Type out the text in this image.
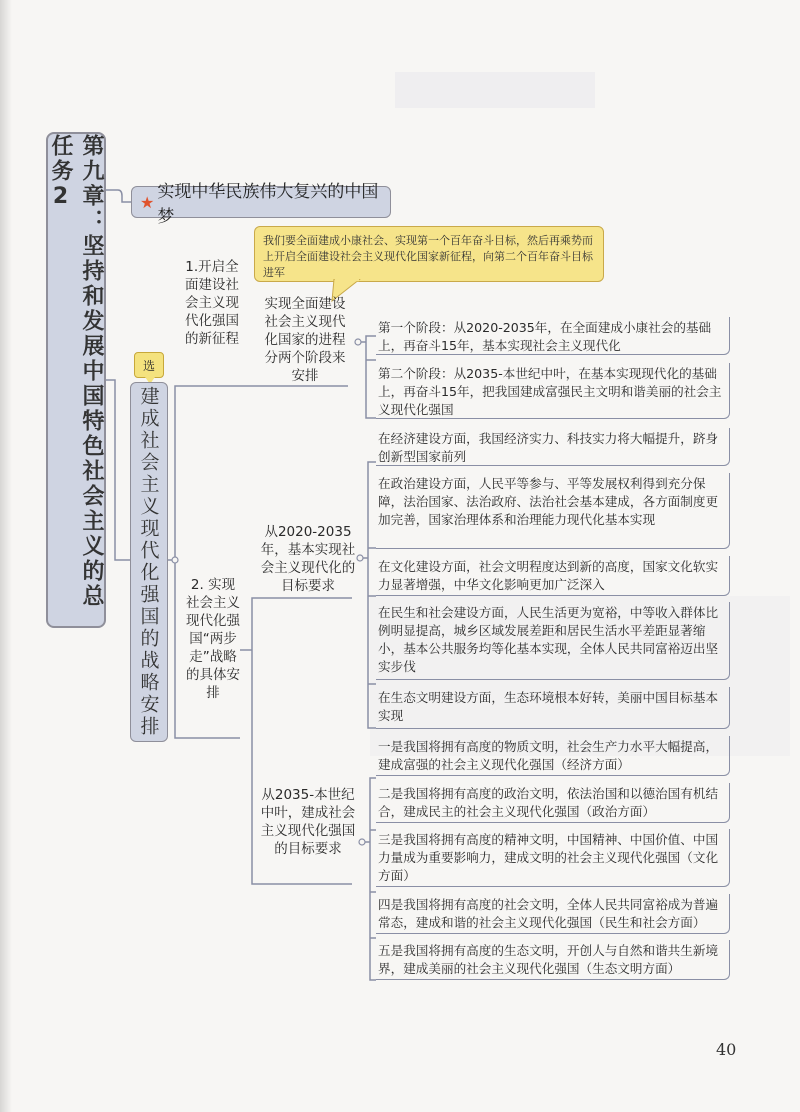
第九章：坚持和发展中国特色社会主义的总任务2	★ 实现中华民族伟大复兴的中国梦
选
建成社会主义现代化强国的战略安排
我们要全面建成小康社会、实现第一个百年奋斗目标，然后再乘势而上开启全面建设社会主义现代化国家新征程，向第二个百年奋斗目标进军
1.开启全面建设社会主义现代化强国的新征程
实现全面建设社会主义现代化国家的进程分两个阶段来安排
第一个阶段：从2020-2035年，在全面建成小康社会的基础上，再奋斗15年，基本实现社会主义现代化
第二个阶段：从2035-本世纪中叶，在基本实现现代化的基础上，再奋斗15年，把我国建成富强民主文明和谐美丽的社会主义现代化强国
2. 实现社会主义现代化强国“两步走”战略的具体安排
从2020-2035年，基本实现社会主义现代化的目标要求
从2035-本世纪中叶，建成社会主义现代化强国的目标要求
在经济建设方面，我国经济实力、科技实力将大幅提升，跻身创新型国家前列
在政治建设方面，人民平等参与、平等发展权利得到充分保障，法治国家、法治政府、法治社会基本建成，各方面制度更加完善，国家治理体系和治理能力现代化基本实现
在文化建设方面，社会文明程度达到新的高度，国家文化软实力显著增强，中华文化影响更加广泛深入
在民生和社会建设方面，人民生活更为宽裕，中等收入群体比例明显提高，城乡区域发展差距和居民生活水平差距显著缩小，基本公共服务均等化基本实现，全体人民共同富裕迈出坚实步伐
在生态文明建设方面，生态环境根本好转，美丽中国目标基本实现
一是我国将拥有高度的物质文明，社会生产力水平大幅提高，建成富强的社会主义现代化强国（经济方面）
二是我国将拥有高度的政治文明，依法治国和以德治国有机结合，建成民主的社会主义现代化强国（政治方面）
三是我国将拥有高度的精神文明，中国精神、中国价值、中国力量成为重要影响力，建成文明的社会主义现代化强国（文化方面）
四是我国将拥有高度的社会文明，全体人民共同富裕成为普遍常态，建成和谐的社会主义现代化强国（民生和社会方面）
五是我国将拥有高度的生态文明，开创人与自然和谐共生新境界，建成美丽的社会主义现代化强国（生态文明方面）
40
